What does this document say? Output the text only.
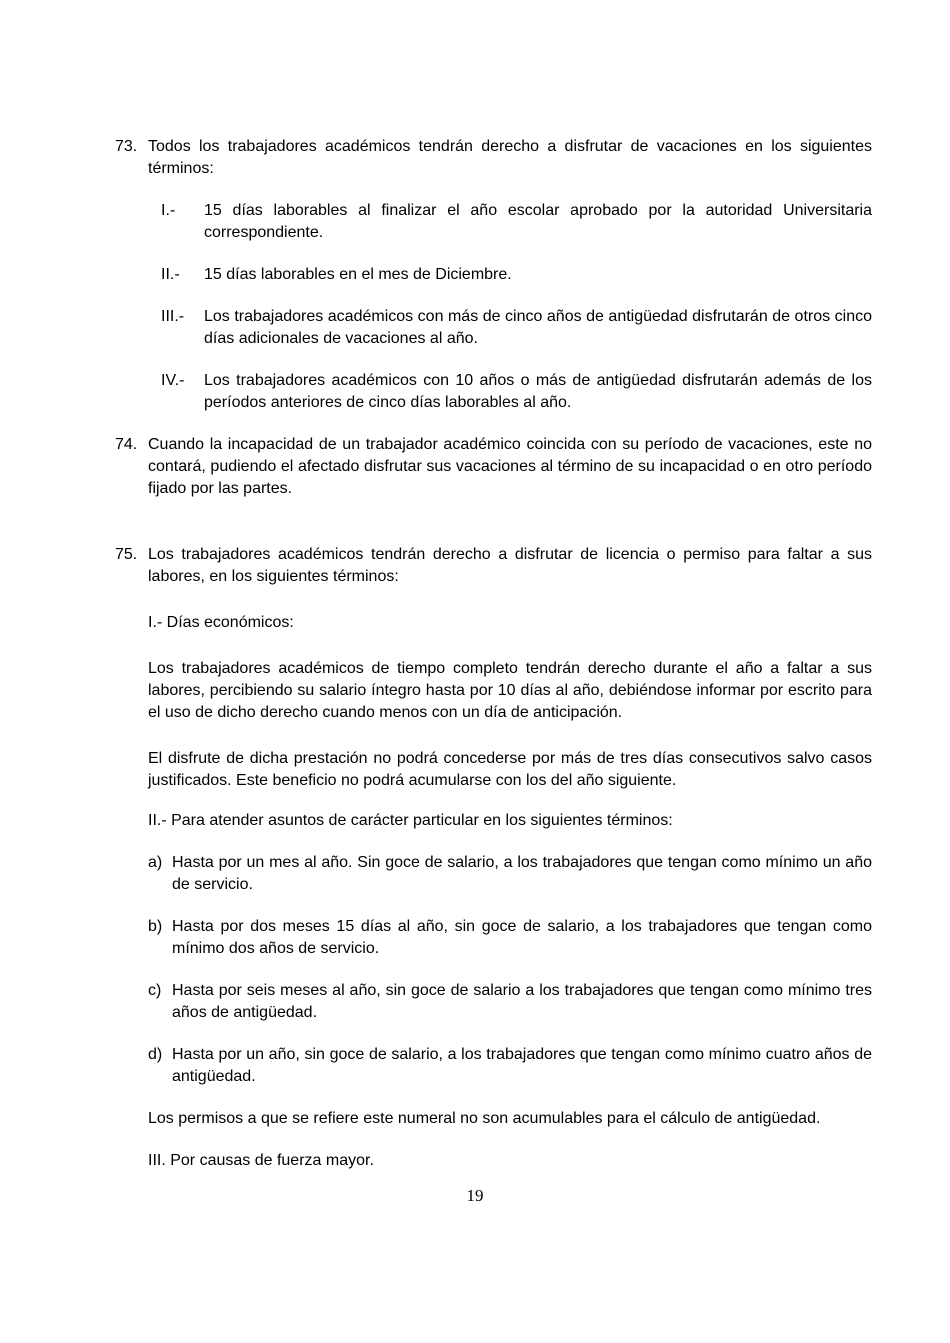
73. Todos los trabajadores académicos tendrán derecho a disfrutar de vacaciones en los siguientes términos:
I.-	15 días laborables al finalizar el año escolar aprobado por la autoridad Universitaria correspondiente.
II.-	15 días laborables en el mes de Diciembre.
III.-	Los trabajadores académicos con más de cinco años de antigüedad disfrutarán de otros cinco días adicionales de vacaciones al año.
IV.-	Los trabajadores académicos con 10 años o más de antigüedad disfrutarán además de los períodos anteriores de cinco días laborables al año.
74. Cuando la incapacidad de un trabajador académico coincida con su período de vacaciones, este no contará, pudiendo el afectado disfrutar sus vacaciones al término de su incapacidad o en otro período fijado por las partes.
75. Los trabajadores académicos tendrán derecho a disfrutar de licencia o permiso para faltar a sus labores, en los siguientes términos:
I.- Días económicos:
Los trabajadores académicos de tiempo completo tendrán derecho durante el año a faltar a sus labores, percibiendo su salario íntegro hasta por 10 días al año, debiéndose informar por escrito para el uso de dicho derecho cuando menos con un día de anticipación.
El disfrute de dicha prestación no podrá concederse por más de tres días consecutivos salvo casos justificados. Este beneficio no podrá acumularse con los del año siguiente.
II.- Para atender asuntos de carácter particular en los siguientes términos:
a) Hasta por un mes al año. Sin goce de salario, a los trabajadores que tengan como mínimo un año de servicio.
b) Hasta por dos meses 15 días al año, sin goce de salario, a los trabajadores que tengan como mínimo dos años de servicio.
c) Hasta por seis meses al año, sin goce de salario a los trabajadores que tengan como mínimo tres años de antigüedad.
d) Hasta por un año, sin goce de salario, a los trabajadores que tengan como mínimo cuatro años de antigüedad.
Los permisos a que se refiere este numeral no son acumulables para el cálculo de antigüedad.
III. Por causas de fuerza mayor.
19
